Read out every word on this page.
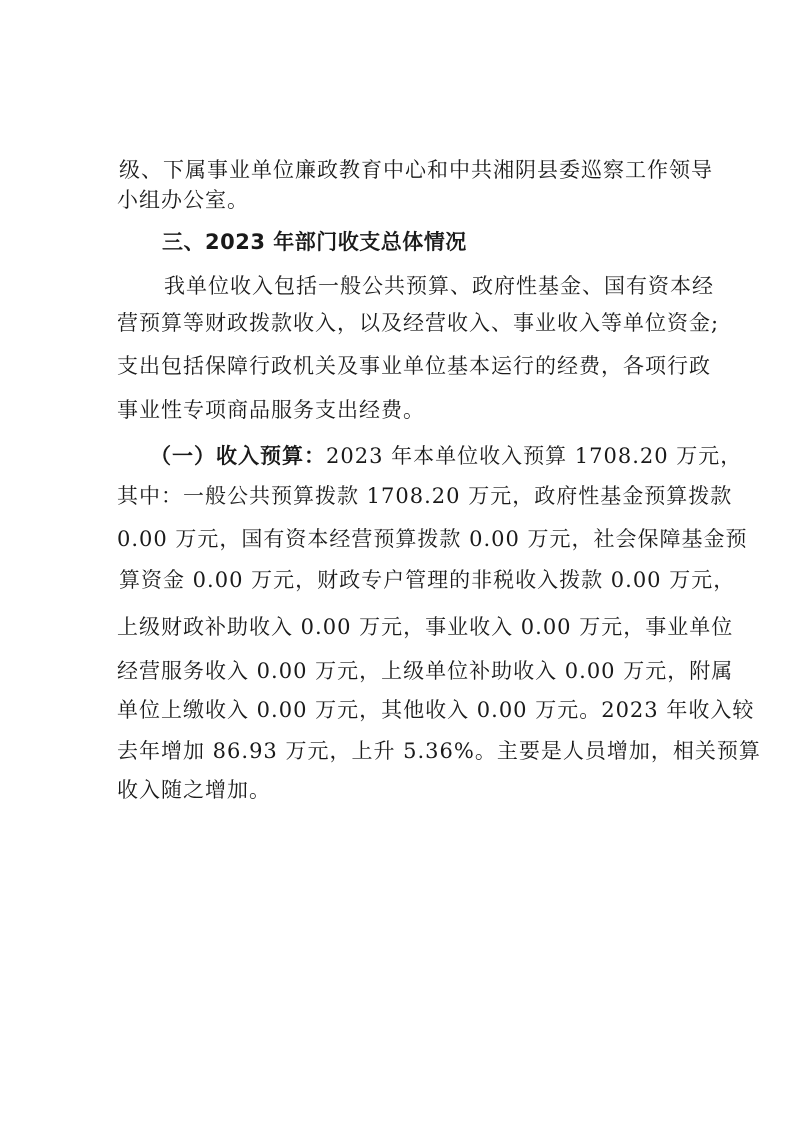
级、下属事业单位廉政教育中心和中共湘阴县委巡察工作领导
小组办公室。
三、2023 年部门收支总体情况
我单位收入包括一般公共预算、政府性基金、国有资本经
营预算等财政拨款收入，以及经营收入、事业收入等单位资金;
支出包括保障行政机关及事业单位基本运行的经费，各项行政
事业性专项商品服务支出经费。
（一）收入预算： 2023 年本单位收入预算 1708.20 万元，
其中：一般公共预算拨款 1708.20 万元，政府性基金预算拨款
0.00 万元，国有资本经营预算拨款 0.00 万元，社会保障基金预
算资金 0.00 万元，财政专户管理的非税收入拨款 0.00 万元，
上级财政补助收入 0.00 万元，事业收入 0.00 万元，事业单位
经营服务收入 0.00 万元，上级单位补助收入 0.00 万元，附属
单位上缴收入 0.00 万元，其他收入 0.00 万元。2023 年收入较
去年增加 86.93 万元，上升 5.36%。主要是人员增加，相关预算
收入随之增加。
